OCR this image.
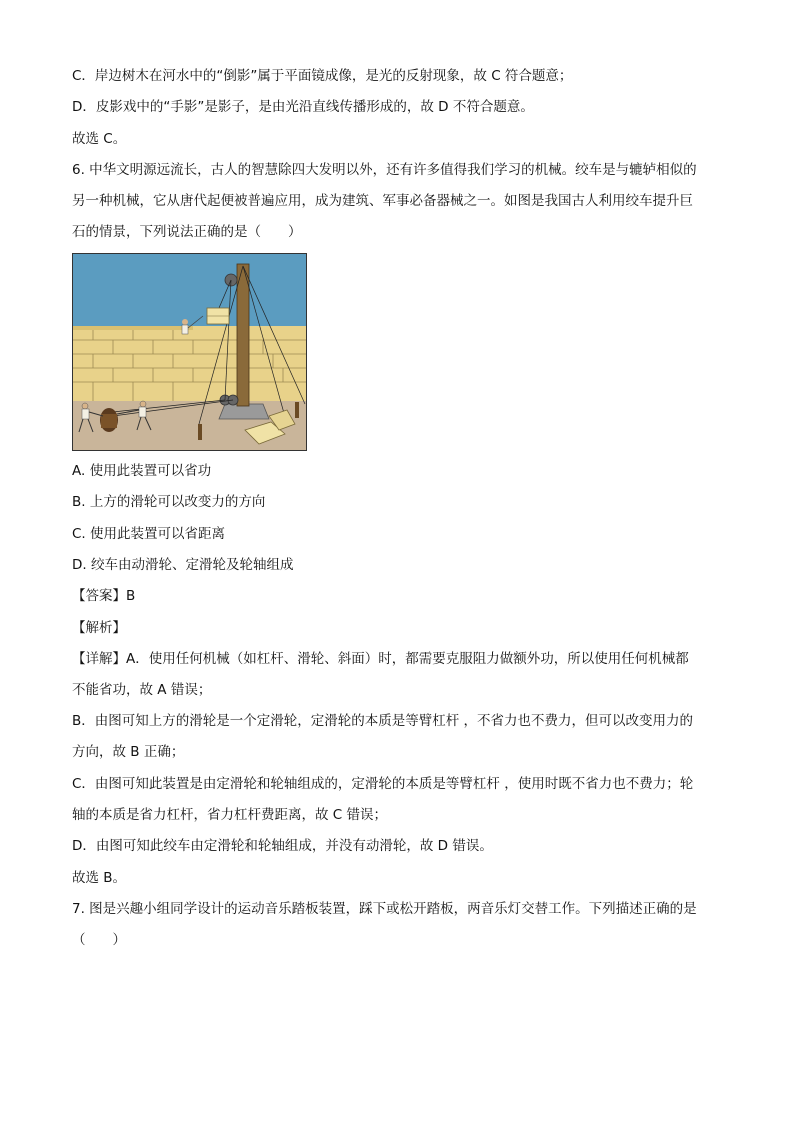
C．岸边树木在河水中的“倒影”属于平面镜成像，是光的反射现象，故 C 符合题意；
D．皮影戏中的“手影”是影子，是由光沿直线传播形成的，故 D 不符合题意。
故选 C。
6. 中华文明源远流长，古人的智慧除四大发明以外，还有许多值得我们学习的机械。绞车是与辘轳相似的
另一种机械，它从唐代起便被普遍应用，成为建筑、军事必备器械之一。如图是我国古人利用绞车提升巨
石的情景，下列说法正确的是（　　）
A. 使用此装置可以省功
B. 上方的滑轮可以改变力的方向
C. 使用此装置可以省距离
D. 绞车由动滑轮、定滑轮及轮轴组成
【答案】B
【解析】
【详解】A．使用任何机械（如杠杆、滑轮、斜面）时，都需要克服阻力做额外功，所以使用任何机械都
不能省功，故 A 错误；
B．由图可知上方的滑轮是一个定滑轮，定滑轮的本质是等臂杠杆 ，不省力也不费力，但可以改变用力的
方向，故 B 正确；
C．由图可知此装置是由定滑轮和轮轴组成的，定滑轮的本质是等臂杠杆 ，使用时既不省力也不费力；轮
轴的本质是省力杠杆，省力杠杆费距离，故 C 错误；
D．由图可知此绞车由定滑轮和轮轴组成，并没有动滑轮，故 D 错误。
故选 B。
7. 图是兴趣小组同学设计的运动音乐踏板装置，踩下或松开踏板，两音乐灯交替工作。下列描述正确的是
（　　）
